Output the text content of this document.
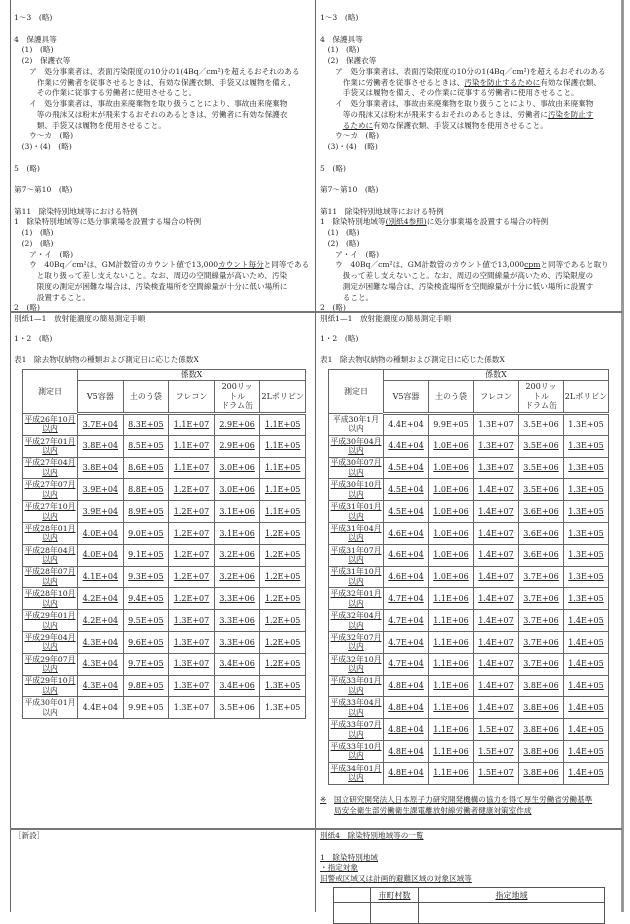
1～3　(略)
4　保護具等
　(1)　(略)
　(2)　保護衣等
　　ア　処分事業者は、表面汚染限度の10分の1(4Bq／cm²)を超えるおそれのある
　　　作業に労働者を従事させるときは、有効な保護衣類、手袋又は履物を備え、
　　　その作業に従事する労働者に使用させること。
　　イ　処分事業者は、事故由来廃棄物を取り扱うことにより、事故由来廃棄物
　　　等の飛沫又は粉末が飛来するおそれのあるときは、労働者に有効な保護衣
　　　類、手袋又は履物を使用させること。
　　ウ～カ　(略)
　(3)・(4)　(略)
5　(略)
第7～第10　(略)
第11　除染特別地域等における特例
1　除染特別地域等に処分事業場を設置する場合の特例
　(1)　(略)
　(2)　(略)
　　ア・イ　(略)
　　ウ　40Bq／cm²は、GM計数管のカウント値で13,000カウント毎分と同等である
　　　と取り扱って差し支えないこと。なお、周辺の空間線量が高いため、汚染
　　　限度の測定が困難な場合は、汚染検査場所を空間線量が十分に低い場所に
　　　設置すること。
2　(略)
1～3　(略)
4　保護具等
　(1)　(略)
　(2)　保護衣等
　　ア　処分事業者は、表面汚染限度の10分の1(4Bq／cm²)を超えるおそれのある
　　　作業に労働者を従事させるときは、汚染を防止するために有効な保護衣類、
　　　手袋又は履物を備え、その作業に従事する労働者に使用させること。
　　イ　処分事業者は、事故由来廃棄物を取り扱うことにより、事故由来廃棄物
　　　等の飛沫又は粉末が飛来するおそれのあるときは、労働者に汚染を防止す
　　　るために有効な保護衣類、手袋又は履物を使用させること。
　　ウ～カ　(略)
　(3)・(4)　(略)
5　(略)
第7～第10　(略)
第11　除染特別地域等における特例
1　除染特別地域等(別紙4参照)に処分事業場を設置する場合の特例
　(1)　(略)
　(2)　(略)
　　ア・イ　(略)
　　ウ　40Bq／cm²は、GM計数管のカウント値で13,000cpmと同等であると取り
　　　扱って差し支えないこと。なお、周辺の空間線量が高いため、汚染限度の
　　　測定が困難な場合は、汚染検査場所を空間線量が十分に低い場所に設置す
　　　ること。
2　(略)
別紙1—1　放射能濃度の簡易測定手順
1・2　(略)
表1　除去物収納物の種類および測定日に応じた係数X
測定日	係数X				

	V5容器	土のう袋	フレコン	200リッ
トル
ドラム缶	2Lポリビン

平成26年10月
以内	3.7E+04	8.3E+05	1.1E+07	2.9E+06	1.1E+05

平成27年01月
以内	3.8E+04	8.5E+05	1.1E+07	2.9E+06	1.1E+05

平成27年04月
以内	3.8E+04	8.6E+05	1.1E+07	3.0E+06	1.1E+05

平成27年07月
以内	3.9E+04	8.8E+05	1.2E+07	3.0E+06	1.1E+05

平成27年10月
以内	3.9E+04	8.9E+05	1.2E+07	3.1E+06	1.1E+05

平成28年01月
以内	4.0E+04	9.0E+05	1.2E+07	3.1E+06	1.2E+05

平成28年04月
以内	4.0E+04	9.1E+05	1.2E+07	3.2E+06	1.2E+05

平成28年07月
以内	4.1E+04	9.3E+05	1.2E+07	3.2E+06	1.2E+05

平成28年10月
以内	4.2E+04	9.4E+05	1.2E+07	3.3E+06	1.2E+05

平成29年01月
以内	4.2E+04	9.5E+05	1.3E+07	3.3E+06	1.2E+05

平成29年04月
以内	4.3E+04	9.6E+05	1.3E+07	3.3E+06	1.2E+05

平成29年07月
以内	4.3E+04	9.7E+05	1.3E+07	3.4E+06	1.2E+05

平成29年10月
以内	4.3E+04	9.8E+05	1.3E+07	3.4E+06	1.3E+05

平成30年01月
以内	4.4E+04	9.9E+05	1.3E+07	3.5E+06	1.3E+05
別紙1—1　放射能濃度の簡易測定手順
1・2　(略)
表1　除去物収納物の種類および測定日に応じた係数X
測定日	係数X				

	V5容器	土のう袋	フレコン	200リッ
トル
ドラム缶	2Lポリビン

平成30年1月
以内	4.4E+04	9.9E+05	1.3E+07	3.5E+06	1.3E+05

平成30年04月
以内	4.4E+04	1.0E+06	1.3E+07	3.5E+06	1.3E+05

平成30年07月
以内	4.5E+04	1.0E+06	1.3E+07	3.5E+06	1.3E+05

平成30年10月
以内	4.5E+04	1.0E+06	1.4E+07	3.5E+06	1.3E+05

平成31年01月
以内	4.5E+04	1.0E+06	1.4E+07	3.6E+06	1.3E+05

平成31年04月
以内	4.6E+04	1.0E+06	1.4E+07	3.6E+06	1.3E+05

平成31年07月
以内	4.6E+04	1.0E+06	1.4E+07	3.6E+06	1.3E+05

平成31年10月
以内	4.6E+04	1.0E+06	1.4E+07	3.7E+06	1.3E+05

平成32年01月
以内	4.7E+04	1.1E+06	1.4E+07	3.7E+06	1.3E+05

平成32年04月
以内	4.7E+04	1.1E+06	1.4E+07	3.7E+06	1.4E+05

平成32年07月
以内	4.7E+04	1.1E+06	1.4E+07	3.7E+06	1.4E+05

平成32年10月
以内	4.7E+04	1.1E+06	1.4E+07	3.7E+06	1.4E+05

平成33年01月
以内	4.8E+04	1.1E+06	1.4E+07	3.8E+06	1.4E+05

平成33年04月
以内	4.8E+04	1.1E+06	1.4E+07	3.8E+06	1.4E+05

平成33年07月
以内	4.8E+04	1.1E+06	1.5E+07	3.8E+06	1.4E+05

平成33年10月
以内	4.8E+04	1.1E+06	1.5E+07	3.8E+06	1.4E+05

平成34年01月
以内	4.8E+04	1.1E+06	1.5E+07	3.8E+06	1.4E+05
※ 国立研究開発法人日本原子力研究開発機構の協力を得て厚生労働省労働基準
局安全衛生部労働衛生課電離放射線労働者健康対策室作成
［新設］	別紙4　除染特別地域等の一覧
1　除染特別地域
・指定対象
旧警戒区域又は計画的避難区域の対象区域等
	市町村数	指定地域
